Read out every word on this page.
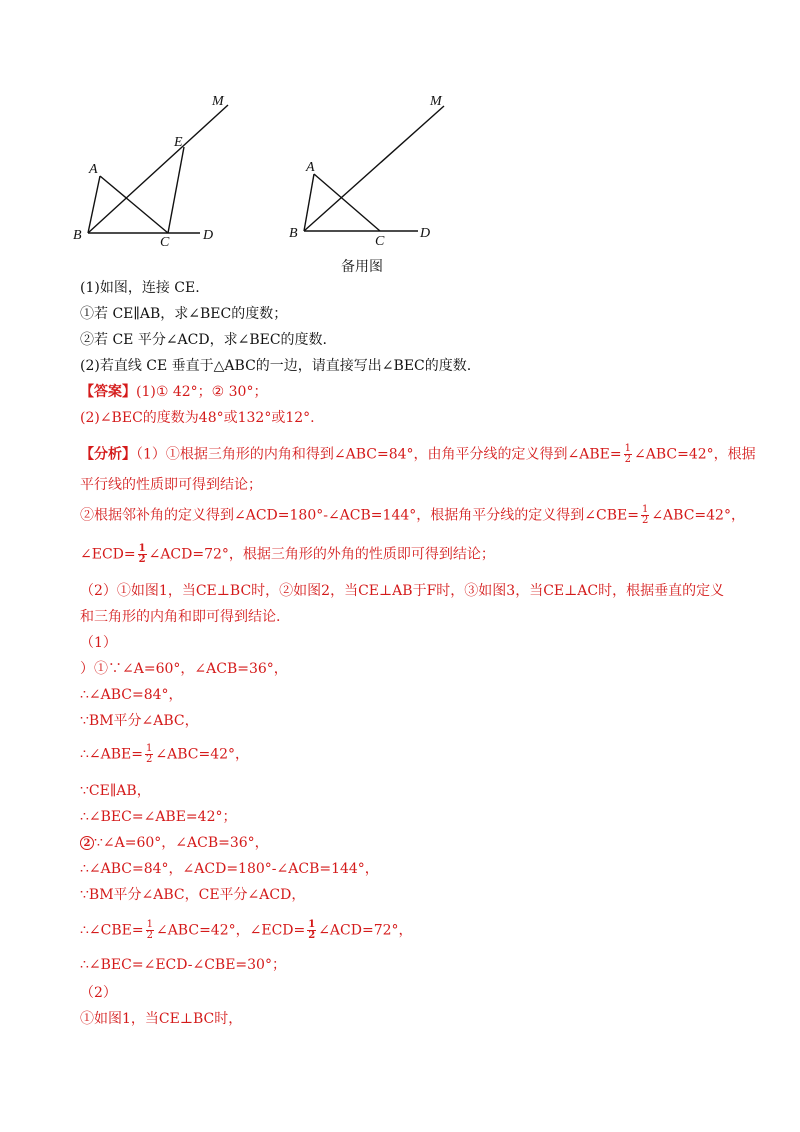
M
E
A
B	C D
M
A
B
C
D
备用图
(1)如图，连接 CE.
①若 CE∥AB，求∠BEC的度数；
②若 CE 平分∠ACD，求∠BEC的度数.
(2)若直线 CE 垂直于△ABC的一边，请直接写出∠BEC的度数.
【答案】(1)① 42°；② 30°；
(2)∠BEC的度数为48°或132°或12°.
【分析】（1）①根据三角形的内角和得到∠ABC=84°，由角平分线的定义得到∠ABE= $\frac{1}{2}$ ∠ABC=42°，根据
平行线的性质即可得到结论；
②根据邻补角的定义得到∠ACD=180°-∠ACB=144°，根据角平分线的定义得到∠CBE= $\frac{1}{2}$ ∠ABC=42°，
∠ECD= $\frac{1}{2}$ ∠ACD=72°，根据三角形的外角的性质即可得到结论；
（2）①如图1，当CE⊥BC时，②如图2，当CE⊥AB于F时，③如图3，当CE⊥AC时，根据垂直的定义
和三角形的内角和即可得到结论.
（1）
）①∵∠A=60°，∠ACB=36°，
∴∠ABC=84°，
∵BM平分∠ABC，
∴∠ABE= $\frac{1}{2}$ ∠ABC=42°，
∵CE∥AB，
∴∠BEC=∠ABE=42°；
2 ∵∠A=60°，∠ACB=36°，
∴∠ABC=84°，∠ACD=180°-∠ACB=144°，
∵BM平分∠ABC，CE平分∠ACD，
∴∠CBE= $\frac{1}{2}$ ∠ABC=42°，∠ECD= $\frac{1}{2}$ ∠ACD=72°，
∴∠BEC=∠ECD-∠CBE=30°；
（2）
①如图1，当CE⊥BC时，
